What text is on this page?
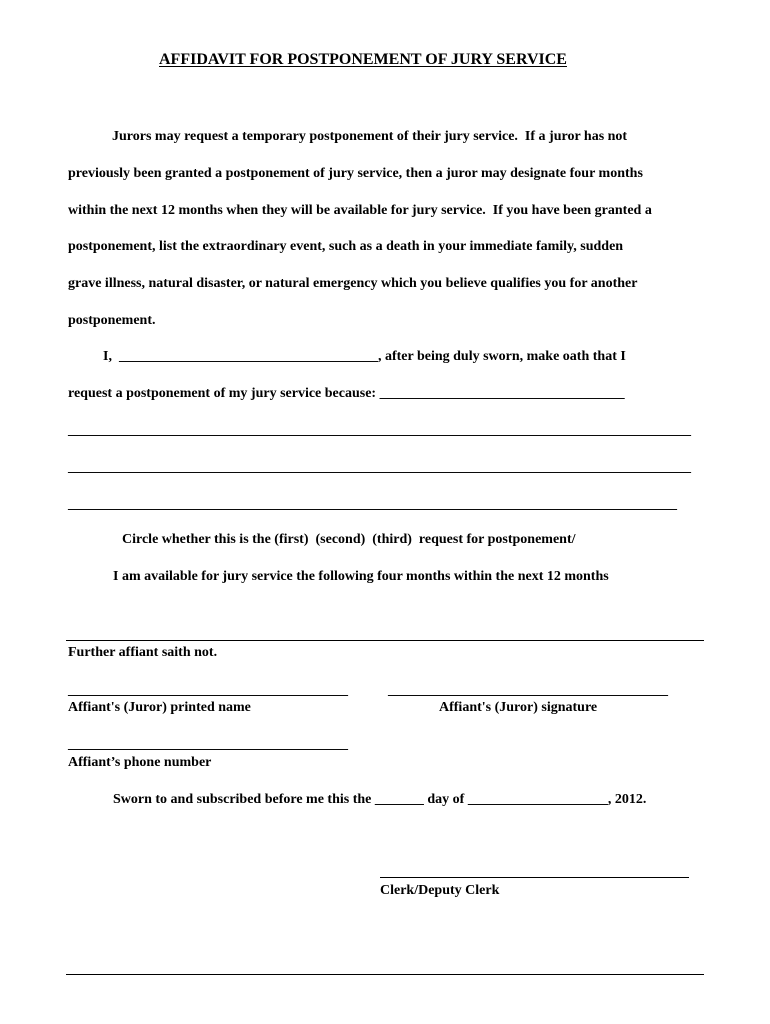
AFFIDAVIT FOR POSTPONEMENT OF JURY SERVICE
Jurors may request a temporary postponement of their jury service.  If a juror has not
previously been granted a postponement of jury service, then a juror may designate four months
within the next 12 months when they will be available for jury service.  If you have been granted a
postponement, list the extraordinary event, such as a death in your immediate family, sudden
grave illness, natural disaster, or natural emergency which you believe qualifies you for another
postponement.
I,  _____________________________________, after being duly sworn, make oath that I
request a postponement of my jury service because: ___________________________________
_________________________________________________________________________________________
_________________________________________________________________________________________
_______________________________________________________________________________________
Circle whether this is the (first)  (second)  (third)  request for postponement/
I am available for jury service the following four months within the next 12 months
Further affiant saith not.
________________________________________	________________________________________
Affiant's (Juror) printed name	Affiant's (Juror) signature
________________________________________
Affiant’s phone number
Sworn to and subscribed before me this the _______ day of ____________________, 2012.
Clerk/Deputy Clerk
